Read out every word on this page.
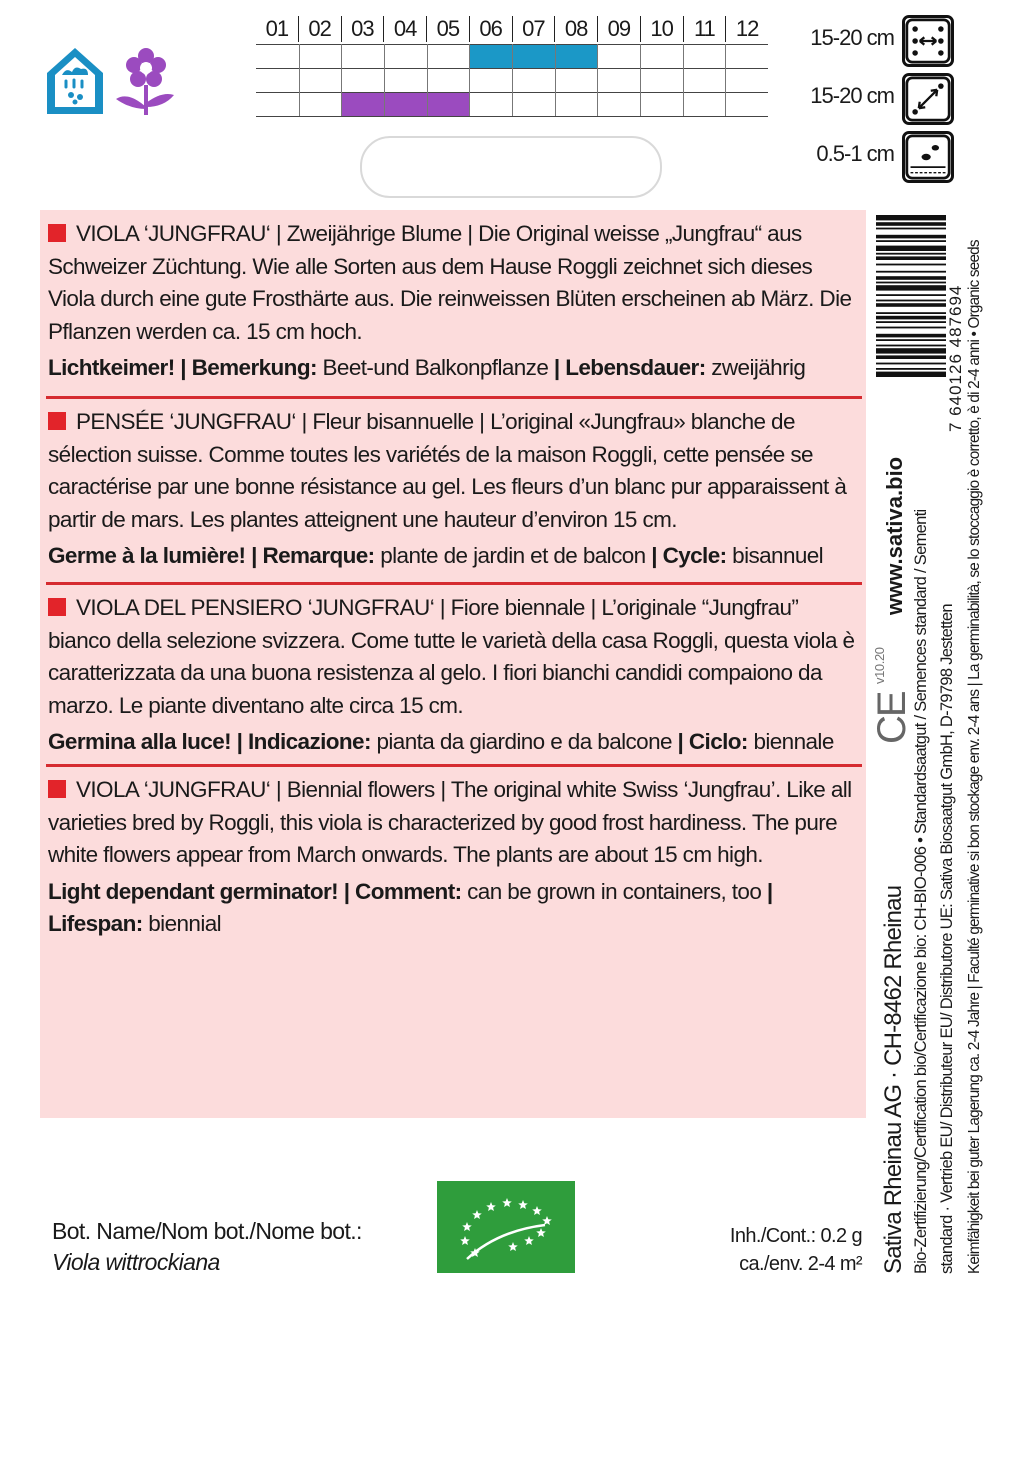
01 02 03 04 05 06 07 08 09 10 11 12	15-20 cm
15-20 cm
0.5-1 cm

VIOLA ‘JUNGFRAU‘ | Zweijährige Blume | Die Original weisse „Jungfrau“ aus Schweizer Züchtung. Wie alle Sorten aus dem Hause Roggli zeichnet sich dieses Viola durch eine gute Frosthärte aus. Die reinweissen Blüten erscheinen ab März. Die Pflanzen werden ca. 15 cm hoch.

Lichtkeimer! | Bemerkung: Beet-und Balkonpflanze | Lebensdauer: zweijährig

PENSÉE ‘JUNGFRAU‘ | Fleur bisannuelle | L’original «Jungfrau» blanche de sélection suisse. Comme toutes les variétés de la maison Roggli, cette pensée se caractérise par une bonne résistance au gel. Les fleurs d’un blanc pur apparaissent à partir de mars. Les plantes atteignent une hauteur d’environ 15 cm.

Germe à la lumière! | Remarque: plante de jardin et de balcon | Cycle: bisannuel

VIOLA DEL PENSIERO ‘JUNGFRAU‘ | Fiore biennale | L’originale “Jungfrau” bianco della selezione svizzera. Come tutte le varietà della casa Roggli, questa viola è caratterizzata da una buona resistenza al gelo. I fiori bianchi candidi compaiono da marzo. Le piante diventano alte circa 15 cm.

Germina alla luce! | Indicazione: pianta da giardino e da balcone | Ciclo: biennale

VIOLA ‘JUNGFRAU‘ | Biennial flowers | The original white Swiss ‘Jungfrau’. Like all varieties bred by Roggli, this viola is characterized by good frost hardiness. The pure white flowers appear from March onwards. The plants are about 15 cm high.

Light dependant germinator! | Comment: can be grown in containers, too | Lifespan: biennial

7 640126 487694
www.sativa.bio
v10.20
CE
Sativa Rheinau AG · CH-8462 Rheinau Bio-Zertifizierung/Certification bio/Certificazione bio: CH-BIO-006 • Standardsaatgut / Semences standard / Sementi standard · Vertrieb EU/ Distributeur EU/ Distributore UE: Sativa Biosaatgut GmbH, D-79798 Jestetten Keimfähigkeit bei guter Lagerung ca. 2-4 Jahre | Faculté germinative si bon stockage env. 2-4 ans | La germinabilità, se lo stoccaggio è corretto, è di 2-4 anni • Organic seeds
Bot. Name/Nom bot./Nome bot.:
Viola wittrockiana
Inh./Cont.: 0.2 g
ca./env. 2-4 m²
